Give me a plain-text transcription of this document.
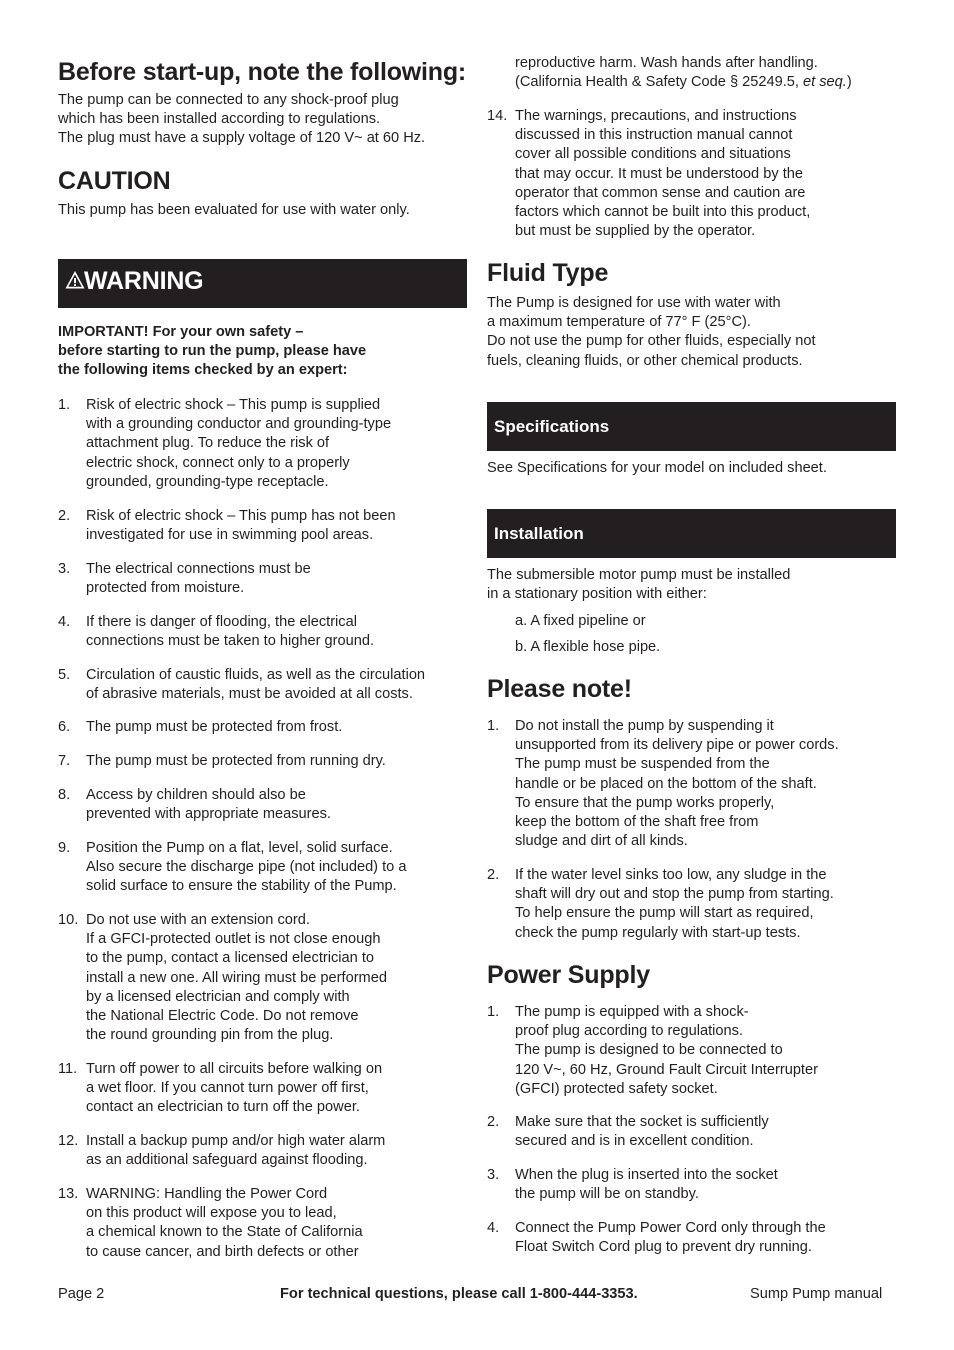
Before start-up, note the following:

The pump can be connected to any shock-proof plug
which has been installed according to regulations.
The plug must have a supply voltage of 120 V~ at 60 Hz.

CAUTION

This pump has been evaluated for use with water only.

WARNING

IMPORTANT! For your own safety –
before starting to run the pump, please have
the following items checked by an expert:

1. Risk of electric shock – This pump is supplied
with a grounding conductor and grounding-type
attachment plug. To reduce the risk of
electric shock, connect only to a properly
grounded, grounding-type receptacle.
2. Risk of electric shock – This pump has not been
investigated for use in swimming pool areas.
3. The electrical connections must be
protected from moisture.
4. If there is danger of flooding, the electrical
connections must be taken to higher ground.
5. Circulation of caustic fluids, as well as the circulation
of abrasive materials, must be avoided at all costs.
6. The pump must be protected from frost.
7. The pump must be protected from running dry.
8. Access by children should also be
prevented with appropriate measures.
9. Position the Pump on a flat, level, solid surface.
Also secure the discharge pipe (not included) to a
solid surface to ensure the stability of the Pump.
10. Do not use with an extension cord.
If a GFCI-protected outlet is not close enough
to the pump, contact a licensed electrician to
install a new one. All wiring must be performed
by a licensed electrician and comply with
the National Electric Code. Do not remove
the round grounding pin from the plug.
11. Turn off power to all circuits before walking on
a wet floor. If you cannot turn power off first,
contact an electrician to turn off the power.
12. Install a backup pump and/or high water alarm
as an additional safeguard against flooding.
13. WARNING: Handling the Power Cord
on this product will expose you to lead,
a chemical known to the State of California
to cause cancer, and birth defects or other

reproductive harm. Wash hands after handling.

(California Health & Safety Code § 25249.5, et seq.)

14. The warnings, precautions, and instructions
discussed in this instruction manual cannot
cover all possible conditions and situations
that may occur. It must be understood by the
operator that common sense and caution are
factors which cannot be built into this product,
but must be supplied by the operator.
Fluid Type

The Pump is designed for use with water with
a maximum temperature of 77° F (25°C).
Do not use the pump for other fluids, especially not
fuels, cleaning fluids, or other chemical products.

Specifications

See Specifications for your model on included sheet.

Installation

The submersible motor pump must be installed
in a stationary position with either:

a. A fixed pipeline or

b. A flexible hose pipe.

Please note!
1. Do not install the pump by suspending it
unsupported from its delivery pipe or power cords.
The pump must be suspended from the
handle or be placed on the bottom of the shaft.
To ensure that the pump works properly,
keep the bottom of the shaft free from
sludge and dirt of all kinds.
2. If the water level sinks too low, any sludge in the
shaft will dry out and stop the pump from starting.
To help ensure the pump will start as required,
check the pump regularly with start-up tests.
Power Supply
1. The pump is equipped with a shock-
proof plug according to regulations.
The pump is designed to be connected to
120 V~, 60 Hz, Ground Fault Circuit Interrupter
(GFCI) protected safety socket.
2. Make sure that the socket is sufficiently
secured and is in excellent condition.
3. When the plug is inserted into the socket
the pump will be on standby.
4. Connect the Pump Power Cord only through the
Float Switch Cord plug to prevent dry running.
Page 2	For technical questions, please call 1-800-444-3353.	Sump Pump manual
